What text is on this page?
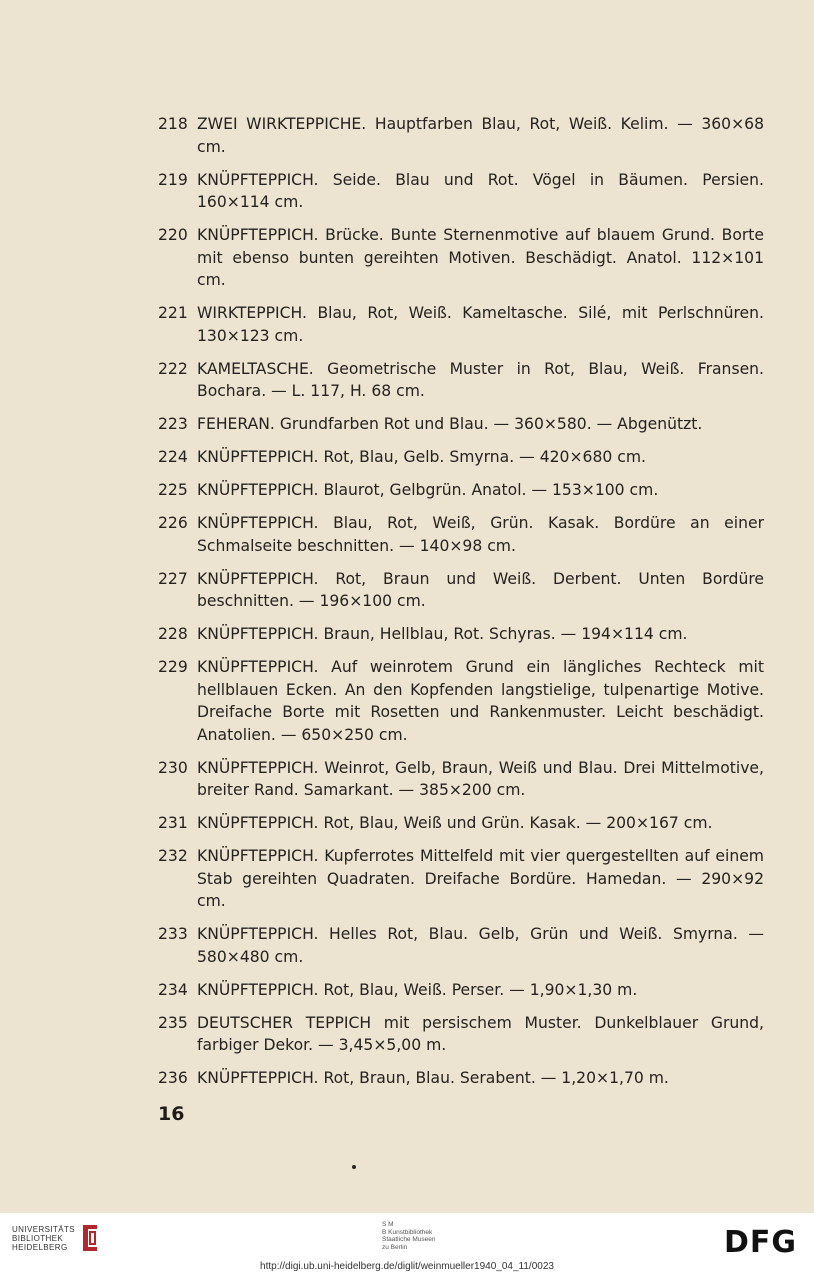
218 ZWEI WIRKTEPPICHE. Hauptfarben Blau, Rot, Weiß. Kelim. — 360×68 cm.
219 KNÜPFTEPPICH. Seide. Blau und Rot. Vögel in Bäumen. Persien. 160×114 cm.
220 KNÜPFTEPPICH. Brücke. Bunte Sternenmotive auf blauem Grund. Borte mit ebenso bunten gereihten Motiven. Beschädigt. Anatol. 112×101 cm.
221 WIRKTEPPICH. Blau, Rot, Weiß. Kameltasche. Silé, mit Perlschnüren. 130×123 cm.
222 KAMELTASCHE. Geometrische Muster in Rot, Blau, Weiß. Fransen. Bochara. — L. 117, H. 68 cm.
223 FEHERAN. Grundfarben Rot und Blau. — 360×580. — Abgenützt.
224 KNÜPFTEPPICH. Rot, Blau, Gelb. Smyrna. — 420×680 cm.
225 KNÜPFTEPPICH. Blaurot, Gelbgrün. Anatol. — 153×100 cm.
226 KNÜPFTEPPICH. Blau, Rot, Weiß, Grün. Kasak. Bordüre an einer Schmalseite beschnitten. — 140×98 cm.
227 KNÜPFTEPPICH. Rot, Braun und Weiß. Derbent. Unten Bordüre beschnitten. — 196×100 cm.
228 KNÜPFTEPPICH. Braun, Hellblau, Rot. Schyras. — 194×114 cm.
229 KNÜPFTEPPICH. Auf weinrotem Grund ein längliches Rechteck mit hellblauen Ecken. An den Kopfenden langstielige, tulpenartige Motive. Dreifache Borte mit Rosetten und Rankenmuster. Leicht beschädigt. Anatolien. — 650×250 cm.
230 KNÜPFTEPPICH. Weinrot, Gelb, Braun, Weiß und Blau. Drei Mittelmotive, breiter Rand. Samarkant. — 385×200 cm.
231 KNÜPFTEPPICH. Rot, Blau, Weiß und Grün. Kasak. — 200×167 cm.
232 KNÜPFTEPPICH. Kupferrotes Mittelfeld mit vier quergestellten auf einem Stab gereihten Quadraten. Dreifache Bordüre. Hamedan. — 290×92 cm.
233 KNÜPFTEPPICH. Helles Rot, Blau. Gelb, Grün und Weiß. Smyrna. — 580×480 cm.
234 KNÜPFTEPPICH. Rot, Blau, Weiß. Perser. — 1,90×1,30 m.
235 DEUTSCHER TEPPICH mit persischem Muster. Dunkelblauer Grund, farbiger Dekor. — 3,45×5,00 m.
236 KNÜPFTEPPICH. Rot, Braun, Blau. Serabent. — 1,20×1,70 m.
16
UNIVERSITÄTS
BIBLIOTHEK
HEIDELBERG
S M
B Kunstbibliothek
Staatliche Museen
zu Berlin	DFG
http://digi.ub.uni-heidelberg.de/diglit/weinmueller1940_04_11/0023
